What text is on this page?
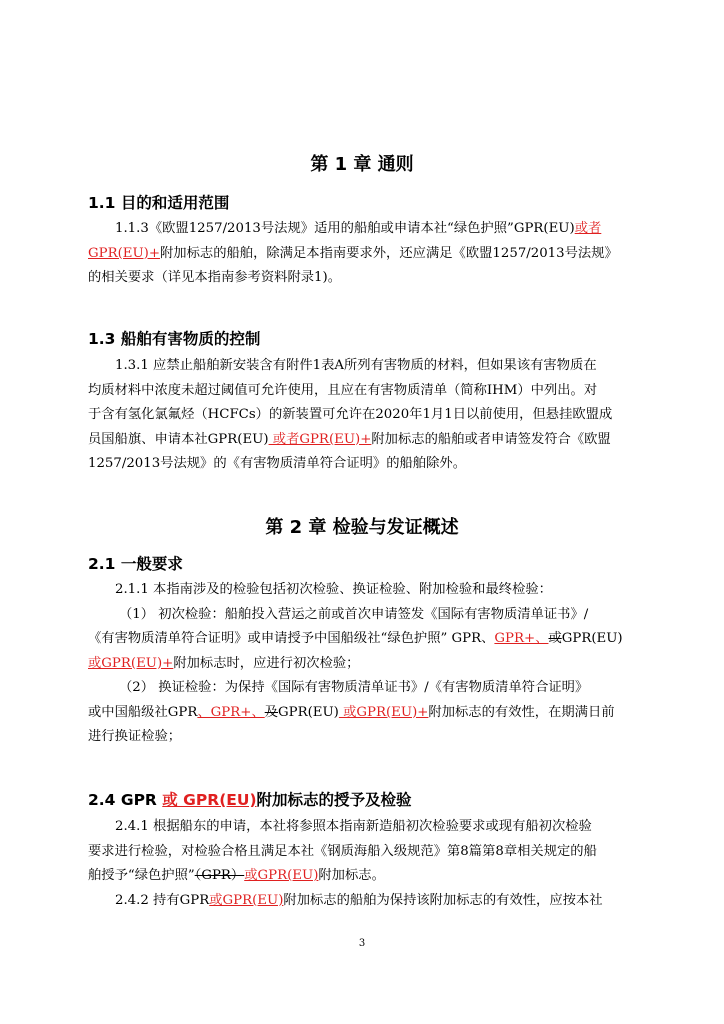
第 1 章 通则
1.1 目的和适用范围
1.1.3《欧盟1257/2013号法规》适用的船舶或申请本社“绿色护照”GPR(EU)或者
GPR(EU)+附加标志的船舶，除满足本指南要求外，还应满足《欧盟1257/2013号法规》
的相关要求（详见本指南参考资料附录1)。
1.3 船舶有害物质的控制
1.3.1 应禁止船舶新安装含有附件1表A所列有害物质的材料，但如果该有害物质在
均质材料中浓度未超过阈值可允许使用，且应在有害物质清单（简称IHM）中列出。对
于含有氢化氯氟烃（HCFCs）的新装置可允许在2020年1月1日以前使用，但悬挂欧盟成
员国船旗、申请本社GPR(EU) 或者GPR(EU)+附加标志的船舶或者申请签发符合《欧盟
1257/2013号法规》的《有害物质清单符合证明》的船舶除外。
第 2 章 检验与发证概述
2.1 一般要求
2.1.1 本指南涉及的检验包括初次检验、换证检验、附加检验和最终检验：
（1） 初次检验：船舶投入营运之前或首次申请签发《国际有害物质清单证书》/
《有害物质清单符合证明》或申请授予中国船级社“绿色护照” GPR、GPR+、或GPR(EU)
或GPR(EU)+附加标志时，应进行初次检验；
（2） 换证检验：为保持《国际有害物质清单证书》/《有害物质清单符合证明》
或中国船级社GPR、GPR+、及GPR(EU) 或GPR(EU)+附加标志的有效性，在期满日前
进行换证检验；
2.4 GPR 或 GPR(EU)附加标志的授予及检验
2.4.1 根据船东的申请，本社将参照本指南新造船初次检验要求或现有船初次检验
要求进行检验，对检验合格且满足本社《钢质海船入级规范》第8篇第8章相关规定的船
舶授予“绿色护照”（GPR）或GPR(EU)附加标志。
2.4.2 持有GPR或GPR(EU)附加标志的船舶为保持该附加标志的有效性，应按本社
3
